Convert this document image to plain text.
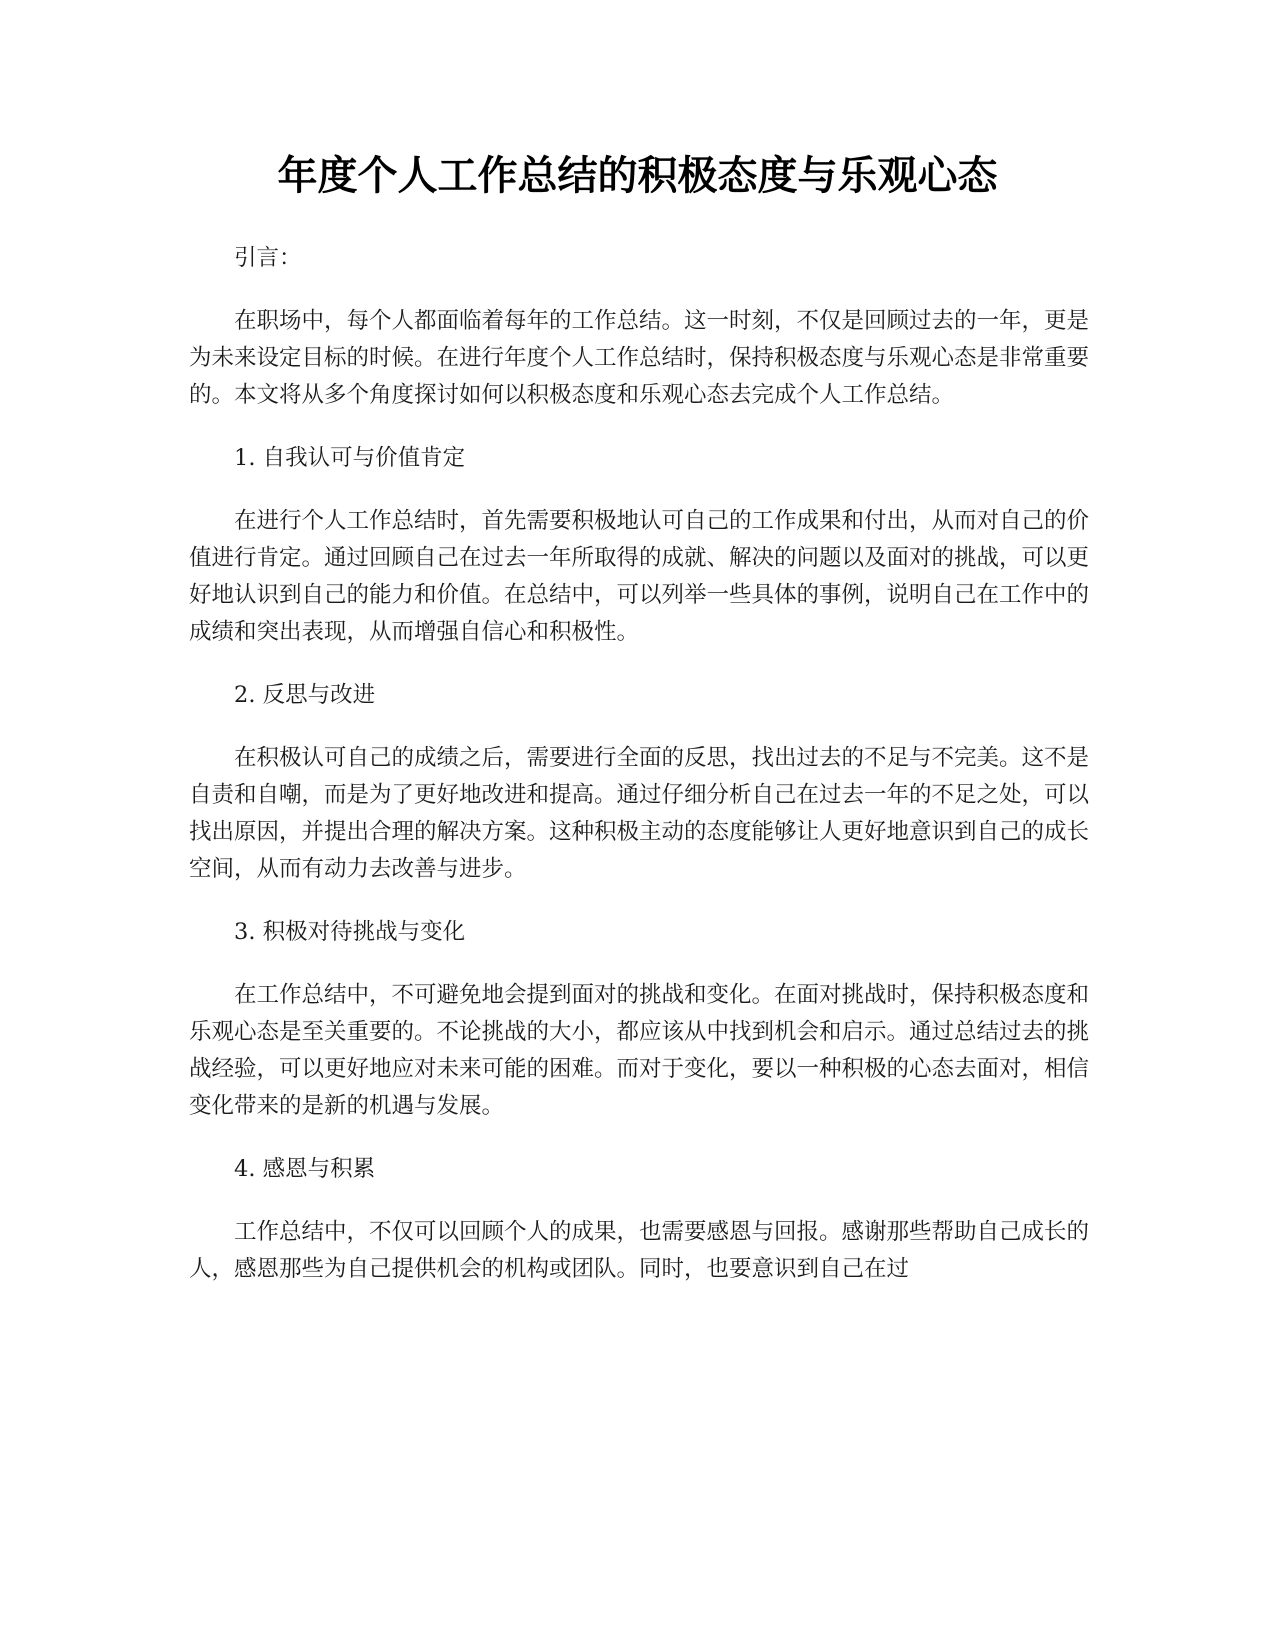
年度个人工作总结的积极态度与乐观心态

引言：

在职场中，每个人都面临着每年的工作总结。这一时刻，不仅是回顾过去的一年，更是为未来设定目标的时候。在进行年度个人工作总结时，保持积极态度与乐观心态是非常重要的。本文将从多个角度探讨如何以积极态度和乐观心态去完成个人工作总结。

1. 自我认可与价值肯定

在进行个人工作总结时，首先需要积极地认可自己的工作成果和付出，从而对自己的价值进行肯定。通过回顾自己在过去一年所取得的成就、解决的问题以及面对的挑战，可以更好地认识到自己的能力和价值。在总结中，可以列举一些具体的事例，说明自己在工作中的成绩和突出表现，从而增强自信心和积极性。

2. 反思与改进

在积极认可自己的成绩之后，需要进行全面的反思，找出过去的不足与不完美。这不是自责和自嘲，而是为了更好地改进和提高。通过仔细分析自己在过去一年的不足之处，可以找出原因，并提出合理的解决方案。这种积极主动的态度能够让人更好地意识到自己的成长空间，从而有动力去改善与进步。

3. 积极对待挑战与变化

在工作总结中，不可避免地会提到面对的挑战和变化。在面对挑战时，保持积极态度和乐观心态是至关重要的。不论挑战的大小，都应该从中找到机会和启示。通过总结过去的挑战经验，可以更好地应对未来可能的困难。而对于变化，要以一种积极的心态去面对，相信变化带来的是新的机遇与发展。

4. 感恩与积累

工作总结中，不仅可以回顾个人的成果，也需要感恩与回报。感谢那些帮助自己成长的人，感恩那些为自己提供机会的机构或团队。同时，也要意识到自己在过
